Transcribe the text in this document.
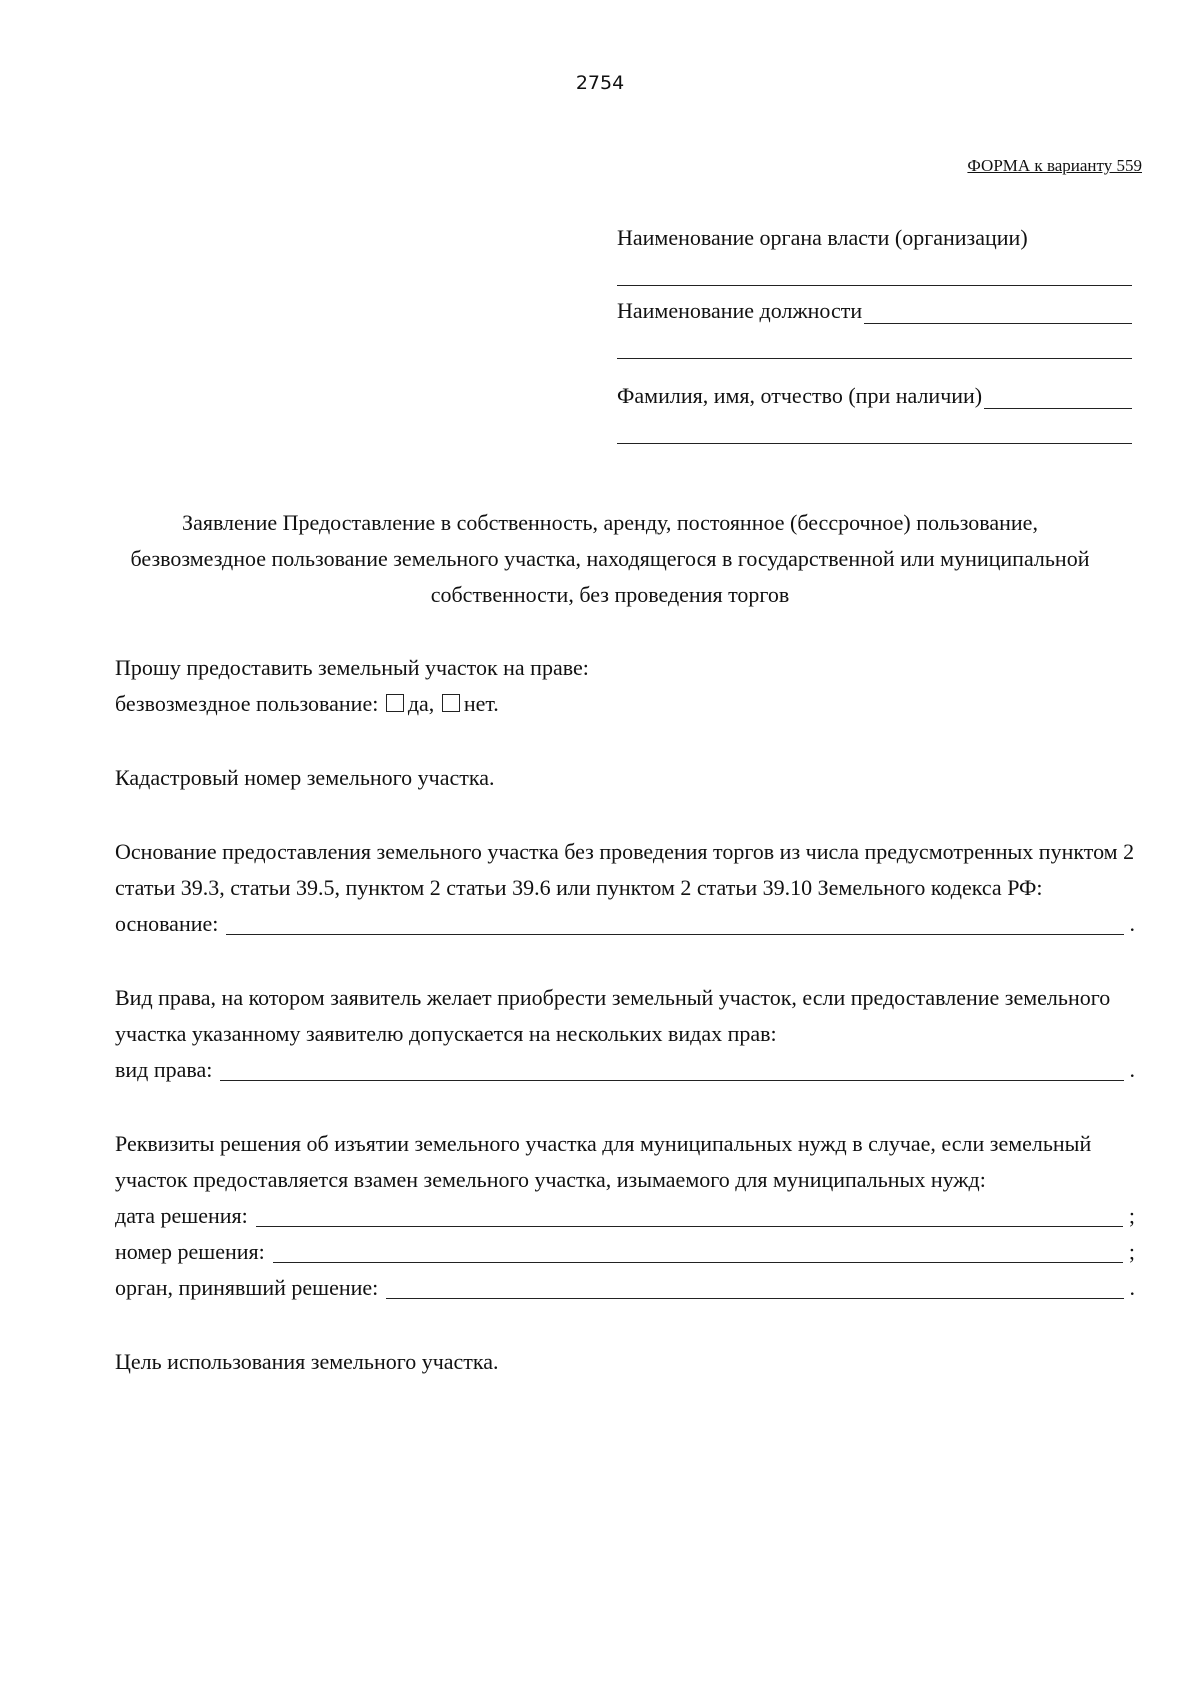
2754
ФОРМА к варианту 559
Наименование органа власти (организации)
Наименование должности
Фамилия, имя, отчество (при наличии)
Заявление Предоставление в собственность, аренду, постоянное (бессрочное) пользование, безвозмездное пользование земельного участка, находящегося в государственной или муниципальной собственности, без проведения торгов

Прошу предоставить земельный участок на праве:

безвозмездное пользование: да, нет.

Кадастровый номер земельного участка.

Основание предоставления земельного участка без проведения торгов из числа предусмотренных пунктом 2 статьи 39.3, статьи 39.5, пунктом 2 статьи 39.6 или пунктом 2 статьи 39.10 Земельного кодекса РФ:

основание:	.

Вид права, на котором заявитель желает приобрести земельный участок, если предоставление земельного участка указанному заявителю допускается на нескольких видах прав:

вид права:	.

Реквизиты решения об изъятии земельного участка для муниципальных нужд в случае, если земельный участок предоставляется взамен земельного участка, изымаемого для муниципальных нужд:

дата решения:	;
номер решения:	;
орган, принявший решение:	.

Цель использования земельного участка.
